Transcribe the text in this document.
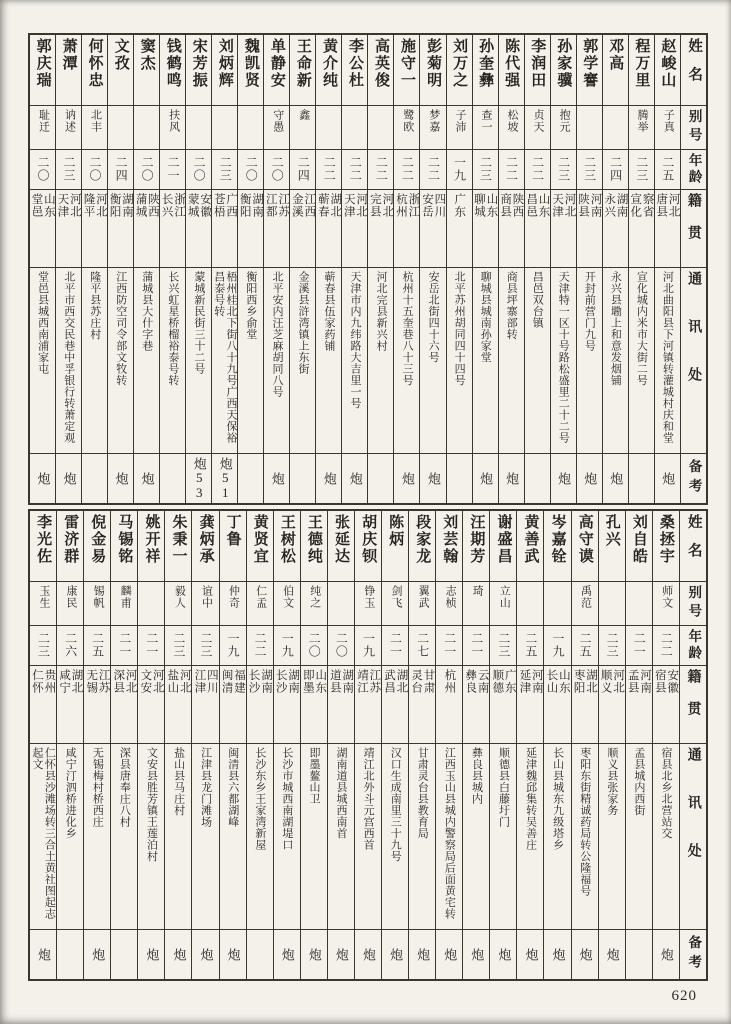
郭庆瑞
耻迁
二〇
山东堂邑
堂邑县城西南浦家屯
炮
萧潭
讷述
二三
河北天津
北平市西交民巷中孚银行转萧定观
炮
何怀忠
北丰
二〇
河北隆平
隆平县苏庄村
文孜
二四
湖南衡阳
江西防空司令部文牧转
炮
窦杰
二〇
陕西蒲城
蒲城县大什字巷
炮
钱鹤鸣
扶风
二一
浙江长兴
长兴虹星桥榴裕泰号转
宋芳振
二〇
安徽蒙城
蒙城新民街三十二号
炮53
刘炳辉
二三
广西苍梧
梧州桂北下街八十九号广西天保裕昌泰号转
炮51
魏凯贤
二〇
湖南衡阳
衡阳西乡俞堂
单静安
守愚
二〇
江苏江都
北平安内汪芝麻胡同八号
炮
王命新
鑫
二四
江西金溪
金溪县浒湾镇上东街
黄介纯
二二
湖北蕲春
蕲春县伍家药铺
炮
李公杜
二二
河北天津
天津市内九纬路大吉里一号
炮
高英俊
二二
河北完县
河北完县新兴村
施守一
鹭欧
二二
浙江杭州
杭州十五奎巷八十三号
炮
彭菊明
梦嘉
二二
四川安岳
安岳北街四十六号
炮
刘万之
子沛
一九
广东
北平苏州胡同四十四号
孙奎彝
查一
二三
山东聊城
聊城县城南孙家堂
炮
陈代强
松坡
二二
陕西商县
商县坪寨部转
炮
李润田
贞天
二二
山东昌邑
昌邑双台镇
孙家骥
抱元
二三
河北天津
天津特一区十号路松盛里二十二号
炮
郭学謇
二三
河南陕县
开封前营门九号
炮
邓高
二四
湖南永兴
永兴县墈上和意发烟铺
炮
程万里
腾举
二三
察省宣化
宣化城内米市大街二号
赵峻山
子真
二五
河北唐县
河北曲阳县下河镇转灌城村庆和堂
炮
姓名
别号
年龄
籍贯
通讯处
备考
李光佐
玉生
二三
贵州仁怀
仁怀县沙滩场转三合土黄社图起志起文
炮
雷济群
康民
二六
湖北咸宁
咸宁汀泗桥进化乡
倪金易
锡帆
二五
江苏无锡
无锡梅村桥西庄
炮
马锡铭
麟甫
二一
河北深县
深县唐奉庄八村
姚开祥
二一
河北文安
文安县胜芳镇王莲泊村
炮
朱秉一
毅人
二三
河北盐山
盐山县马庄村
炮
龚炳承
谊中
二三
四川江津
江津县龙门滩场
炮
丁鲁
仲奇
一九
福建闽清
闽清县六都湖峰
炮
黄贤宜
仁孟
二二
湖南长沙
长沙东乡王家湾新屋
王树松
伯文
一九
湖南长沙
长沙市城西南湖堤口
炮
王德纯
纯之
二〇
山东即墨
即墨鳌山卫
炮
张延达
二〇
湖南道县
湖南道县城西南首
炮
胡庆钡
铮玉
一九
江苏靖江
靖江北外斗元宫西首
炮
陈炳
剑飞
二一
湖北武昌
汉口生成南里三十九号
炮
段家龙
翼武
二七
甘肃灵台
甘肃灵台县教育局
炮
刘芸翰
志桢
二一
杭州
江西玉山县城内警察局后面黄宅转
炮
汪期芳
琦
二一
云南彝良
彝良县城内
炮
谢盛昌
立山
二三
广东顺德
顺德县白藤圩门
炮
黄善武
二五
河南延津
延津魏邱集转吴善庄
炮
岑嘉铨
一九
山东长山
长山县城东九级塔乡
炮
高守谟
禹范
二五
湖北枣阳
枣阳东街精诚药局转公隆福号
炮
孔兴
二三
河北顺义
顺义县张家务
炮
刘自皓
二一
河南孟县
孟县城内西街
桑拯宇
师文
二二
安徽宿县
宿县北乡北营站交
炮
姓名
别号
年龄
籍贯
通讯处
备考
620
